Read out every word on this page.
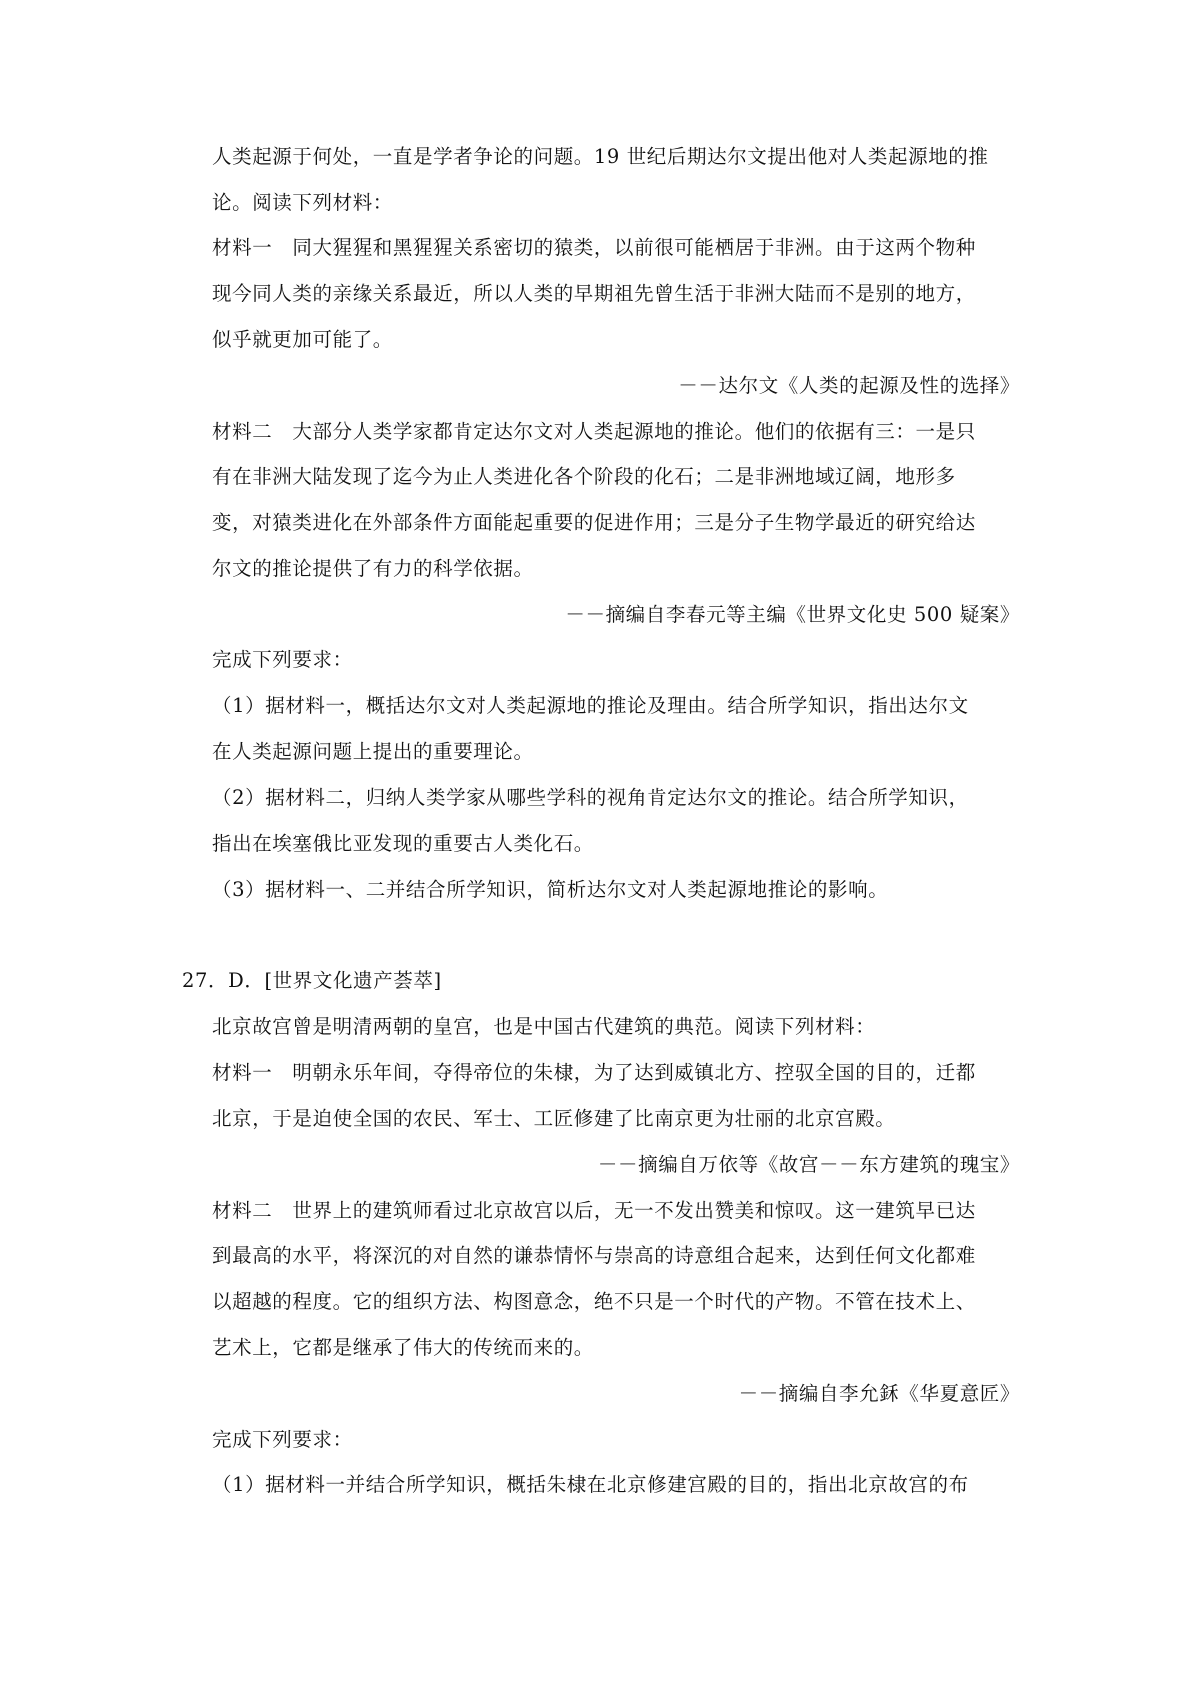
人类起源于何处，一直是学者争论的问题。19 世纪后期达尔文提出他对人类起源地的推
论。阅读下列材料：
材料一　同大猩猩和黑猩猩关系密切的猿类，以前很可能栖居于非洲。由于这两个物种
现今同人类的亲缘关系最近，所以人类的早期祖先曾生活于非洲大陆而不是别的地方，
似乎就更加可能了。
－－达尔文《人类的起源及性的选择》
材料二　大部分人类学家都肯定达尔文对人类起源地的推论。他们的依据有三：一是只
有在非洲大陆发现了迄今为止人类进化各个阶段的化石；二是非洲地域辽阔，地形多
变，对猿类进化在外部条件方面能起重要的促进作用；三是分子生物学最近的研究给达
尔文的推论提供了有力的科学依据。
－－摘编自李春元等主编《世界文化史 500 疑案》
完成下列要求：
（1）据材料一，概括达尔文对人类起源地的推论及理由。结合所学知识，指出达尔文
在人类起源问题上提出的重要理论。
（2）据材料二，归纳人类学家从哪些学科的视角肯定达尔文的推论。结合所学知识，
指出在埃塞俄比亚发现的重要古人类化石。
（3）据材料一、二并结合所学知识，简析达尔文对人类起源地推论的影响。
27．D．[世界文化遗产荟萃]
北京故宫曾是明清两朝的皇宫，也是中国古代建筑的典范。阅读下列材料：
材料一　明朝永乐年间，夺得帝位的朱棣，为了达到威镇北方、控驭全国的目的，迁都
北京，于是迫使全国的农民、军士、工匠修建了比南京更为壮丽的北京宫殿。
－－摘编自万依等《故宫－－东方建筑的瑰宝》
材料二　世界上的建筑师看过北京故宫以后，无一不发出赞美和惊叹。这一建筑早已达
到最高的水平，将深沉的对自然的谦恭情怀与崇高的诗意组合起来，达到任何文化都难
以超越的程度。它的组织方法、构图意念，绝不只是一个时代的产物。不管在技术上、
艺术上，它都是继承了伟大的传统而来的。
－－摘编自李允鉌《华夏意匠》
完成下列要求：
（1）据材料一并结合所学知识，概括朱棣在北京修建宫殿的目的，指出北京故宫的布
